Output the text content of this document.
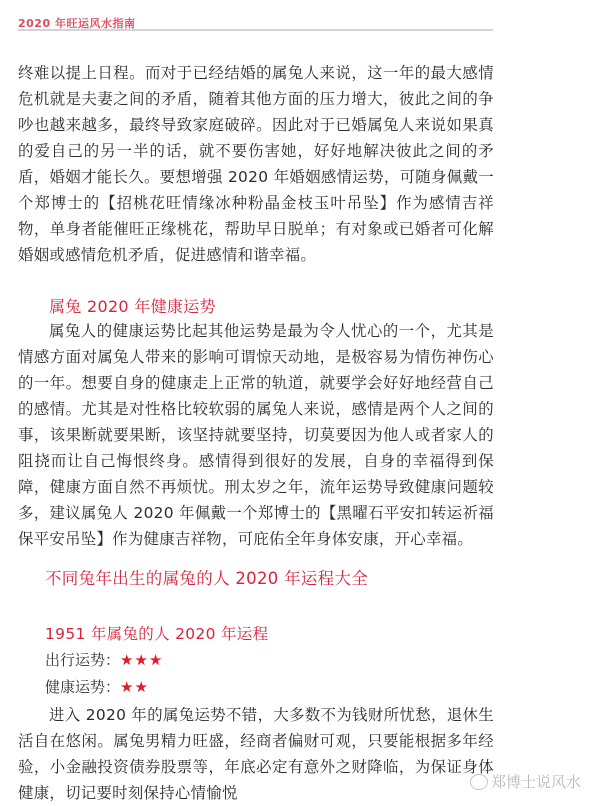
2020 年旺运风水指南

终难以提上日程。而对于已经结婚的属兔人来说，这一年的最大感情危机就是夫妻之间的矛盾，随着其他方面的压力增大，彼此之间的争吵也越来越多，最终导致家庭破碎。因此对于已婚属兔人来说如果真的爱自己的另一半的话，就不要伤害她，好好地解决彼此之间的矛盾，婚姻才能长久。要想增强 2020 年婚姻感情运势，可随身佩戴一个郑博士的【招桃花旺情缘冰种粉晶金枝玉叶吊坠】作为感情吉祥物，单身者能催旺正缘桃花，帮助早日脱单；有对象或已婚者可化解婚姻或感情危机矛盾，促进感情和谐幸福。

属兔 2020 年健康运势

属兔人的健康运势比起其他运势是最为令人忧心的一个，尤其是情感方面对属兔人带来的影响可谓惊天动地，是极容易为情伤神伤心的一年。想要自身的健康走上正常的轨道，就要学会好好地经营自己的感情。尤其是对性格比较软弱的属兔人来说，感情是两个人之间的事，该果断就要果断，该坚持就要坚持，切莫要因为他人或者家人的阻挠而让自己悔恨终身。感情得到很好的发展，自身的幸福得到保障，健康方面自然不再烦忧。刑太岁之年，流年运势导致健康问题较多，建议属兔人 2020 年佩戴一个郑博士的【黑曜石平安扣转运祈福保平安吊坠】作为健康吉祥物，可庇佑全年身体安康，开心幸福。

不同兔年出生的属兔的人 2020 年运程大全
1951 年属兔的人 2020 年运程
出行运势：★★★
健康运势：★★

进入 2020 年的属兔运势不错，大多数不为钱财所忧愁，退休生活自在悠闲。属兔男精力旺盛，经商者偏财可观，只要能根据多年经验，小金融投资债券股票等，年底必定有意外之财降临，为保证身体健康，切记要时刻保持心情愉悦

郑博士说风水
